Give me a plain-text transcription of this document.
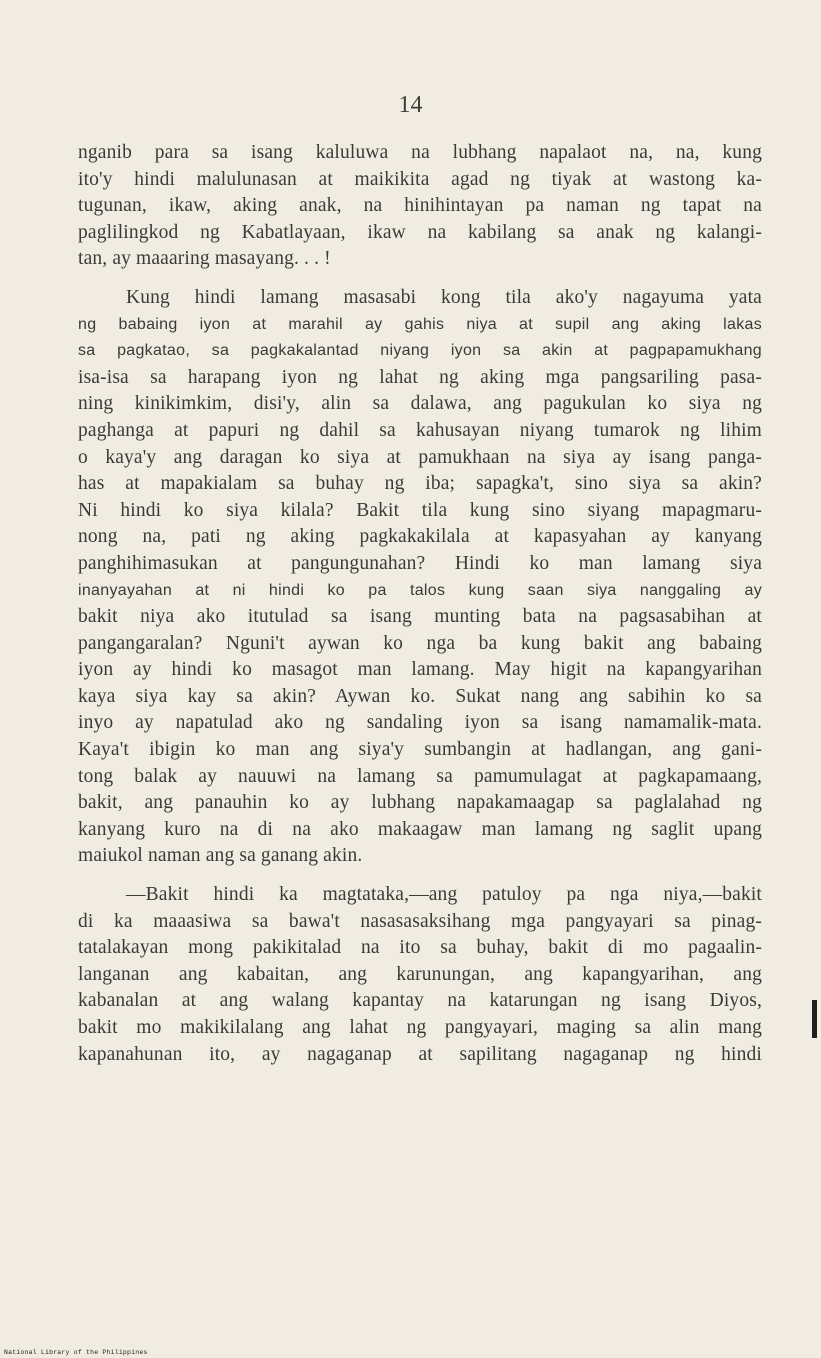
14
nganib para sa isang kaluluwa na lubhang napalaot na, na, kung
ito'y hindi malulunasan at maikikita agad ng tiyak at wastong ka-
tugunan, ikaw, aking anak, na hinihintayan pa naman ng tapat na
paglilingkod ng Kabatlayaan, ikaw na kabilang sa anak ng kalangi-
tan, ay maaaring masayang. . . !
Kung hindi lamang masasabi kong tila ako'y nagayuma yata
ng babaing iyon at marahil ay gahis niya at supil ang aking lakas
sa pagkatao, sa pagkakalantad niyang iyon sa akin at pagpapamukhang
isa-isa sa harapang iyon ng lahat ng aking mga pangsariling pasa-
ning kinikimkim, disi'y, alin sa dalawa, ang pagukulan ko siya ng
paghanga at papuri ng dahil sa kahusayan niyang tumarok ng lihim
o kaya'y ang daragan ko siya at pamukhaan na siya ay isang panga-
has at mapakialam sa buhay ng iba; sapagka't, sino siya sa akin?
Ni hindi ko siya kilala? Bakit tila kung sino siyang mapagmaru-
nong na, pati ng aking pagkakakilala at kapasyahan ay kanyang
panghihimasukan at pangungunahan? Hindi ko man lamang siya
inanyayahan at ni hindi ko pa talos kung saan siya nanggaling ay
bakit niya ako itutulad sa isang munting bata na pagsasabihan at
pangangaralan? Nguni't aywan ko nga ba kung bakit ang babaing
iyon ay hindi ko masagot man lamang. May higit na kapangyarihan
kaya siya kay sa akin? Aywan ko. Sukat nang ang sabihin ko sa
inyo ay napatulad ako ng sandaling iyon sa isang namamalik-mata.
Kaya't ibigin ko man ang siya'y sumbangin at hadlangan, ang gani-
tong balak ay nauuwi na lamang sa pamumulagat at pagkapamaang,
bakit, ang panauhin ko ay lubhang napakamaagap sa paglalahad ng
kanyang kuro na di na ako makaagaw man lamang ng saglit upang
maiukol naman ang sa ganang akin.
—Bakit hindi ka magtataka,—ang patuloy pa nga niya,—bakit
di ka maaasiwa sa bawa't nasasasaksihang mga pangyayari sa pinag-
tatalakayan mong pakikitalad na ito sa buhay, bakit di mo pagaalin-
langanan ang kabaitan, ang karunungan, ang kapangyarihan, ang
kabanalan at ang walang kapantay na katarungan ng isang Diyos,
bakit mo makikilalang ang lahat ng pangyayari, maging sa alin mang
kapanahunan ito, ay nagaganap at sapilitang nagaganap ng hindi
National Library of the Philippines
